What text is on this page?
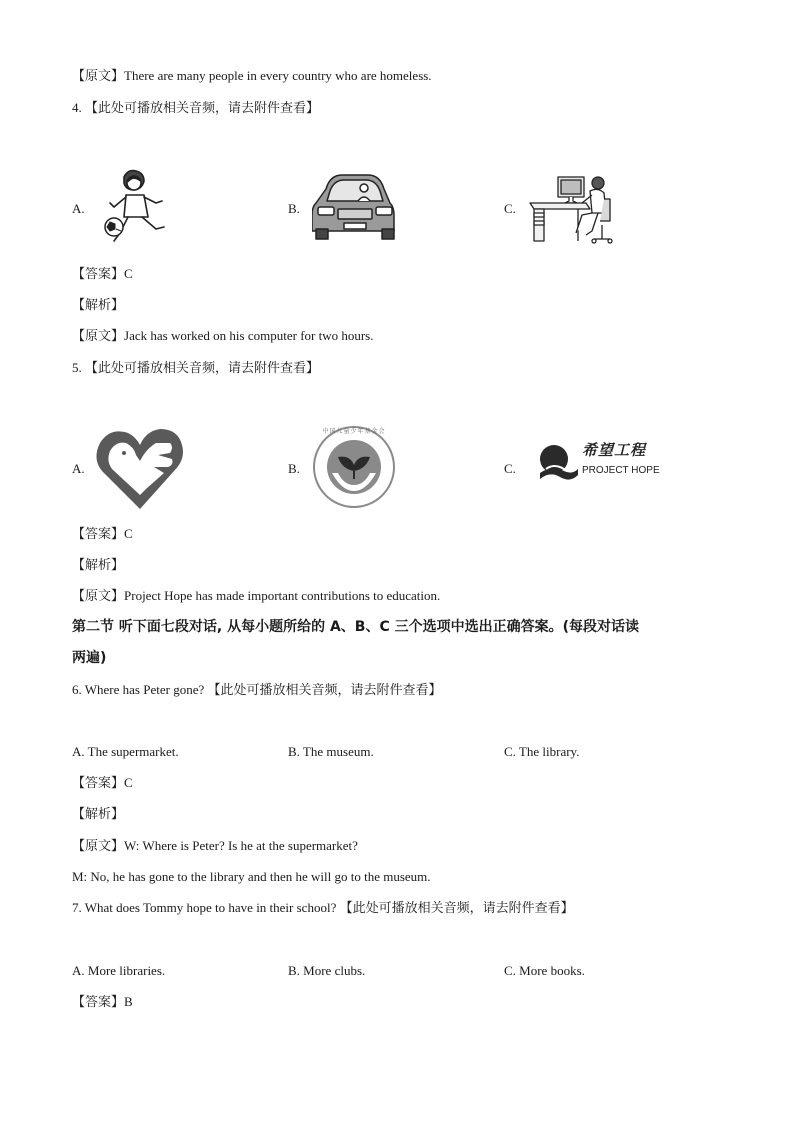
【原文】There are many people in every country who are homeless.
4. 【此处可播放相关音频，请去附件查看】
A.	B.	C.
【答案】C
【解析】
【原文】Jack has worked on his computer for two hours.
5. 【此处可播放相关音频，请去附件查看】
A.	B.
中国儿童少年基金会
C.
希望工程
PROJECT HOPE
【答案】C
【解析】
【原文】Project Hope has made important contributions to education.
第二节 听下面七段对话, 从每小题所给的 A、B、C 三个选项中选出正确答案。(每段对话读
两遍)
6. Where has Peter gone? 【此处可播放相关音频，请去附件查看】
A. The supermarket.	B. The museum.	C. The library.
【答案】C
【解析】
【原文】W: Where is Peter? Is he at the supermarket?
M: No, he has gone to the library and then he will go to the museum.
7. What does Tommy hope to have in their school? 【此处可播放相关音频，请去附件查看】
A. More libraries.	B. More clubs.	C. More books.
【答案】B
